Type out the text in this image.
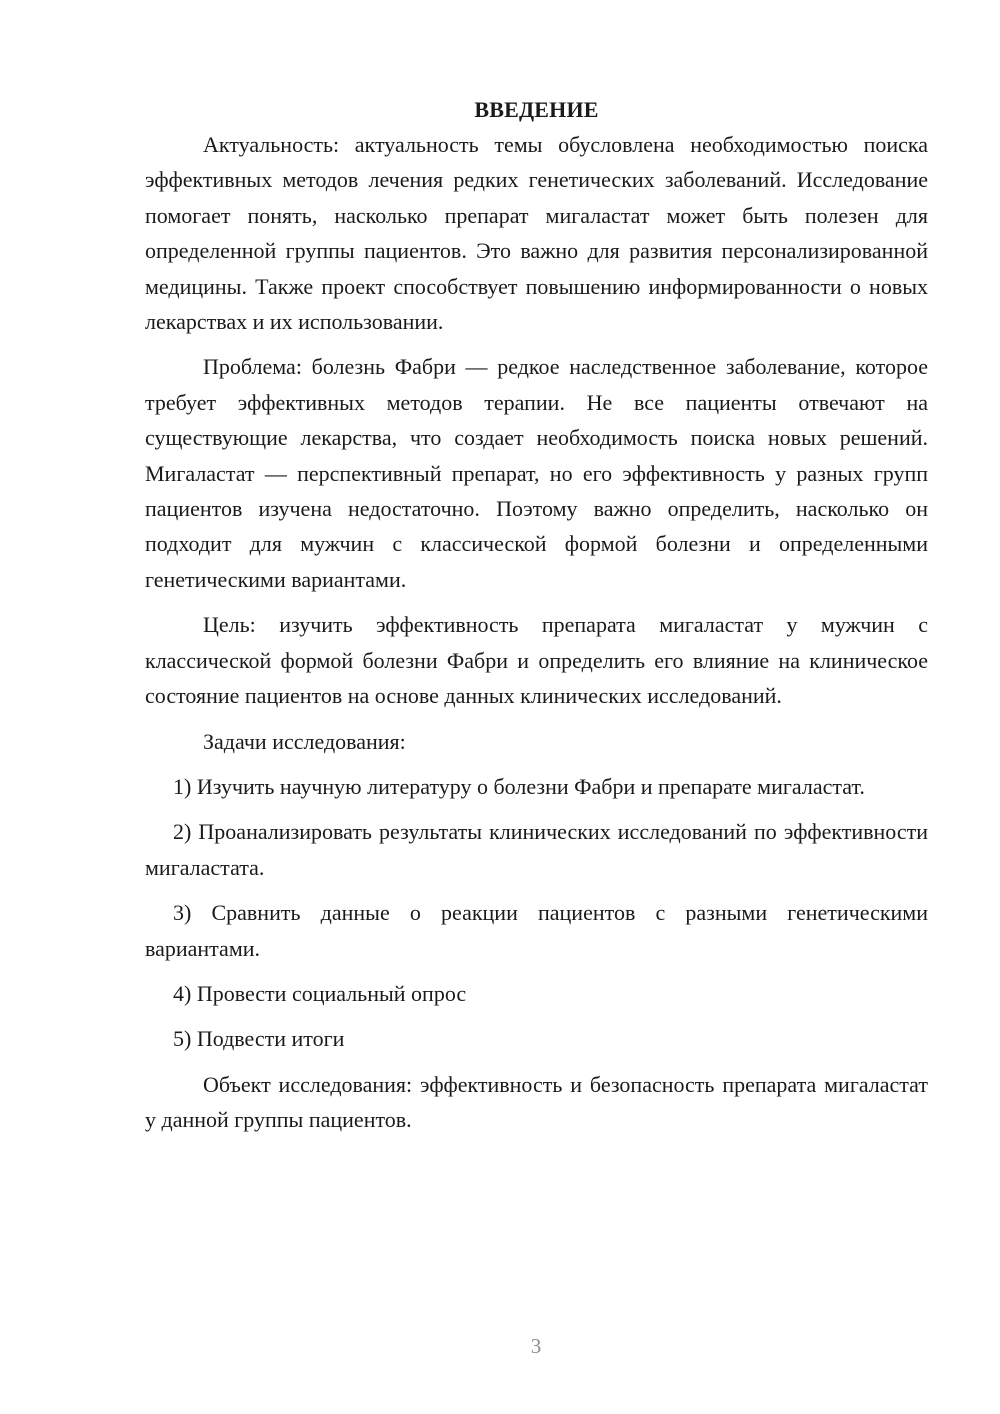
ВВЕДЕНИЕ

Актуальность: актуальность темы обусловлена необходимостью поиска эффективных методов лечения редких генетических заболеваний. Исследование помогает понять, насколько препарат мигаластат может быть полезен для определенной группы пациентов. Это важно для развития персонализированной медицины. Также проект способствует повышению информированности о новых лекарствах и их использовании.

Проблема: болезнь Фабри — редкое наследственное заболевание, которое требует эффективных методов терапии. Не все пациенты отвечают на существующие лекарства, что создает необходимость поиска новых решений. Мигаластат — перспективный препарат, но его эффективность у разных групп пациентов изучена недостаточно. Поэтому важно определить, насколько он подходит для мужчин с классической формой болезни и определенными генетическими вариантами.

Цель: изучить эффективность препарата мигаластат у мужчин с классической формой болезни Фабри и определить его влияние на клиническое состояние пациентов на основе данных клинических исследований.

Задачи исследования:

1) Изучить научную литературу о болезни Фабри и препарате мигаластат.

2) Проанализировать результаты клинических исследований по эффективности мигаластата.

3) Сравнить данные о реакции пациентов с разными генетическими вариантами.

4) Провести социальный опрос

5) Подвести итоги

Объект исследования: эффективность и безопасность препарата мигаластат у данной группы пациентов.

3
